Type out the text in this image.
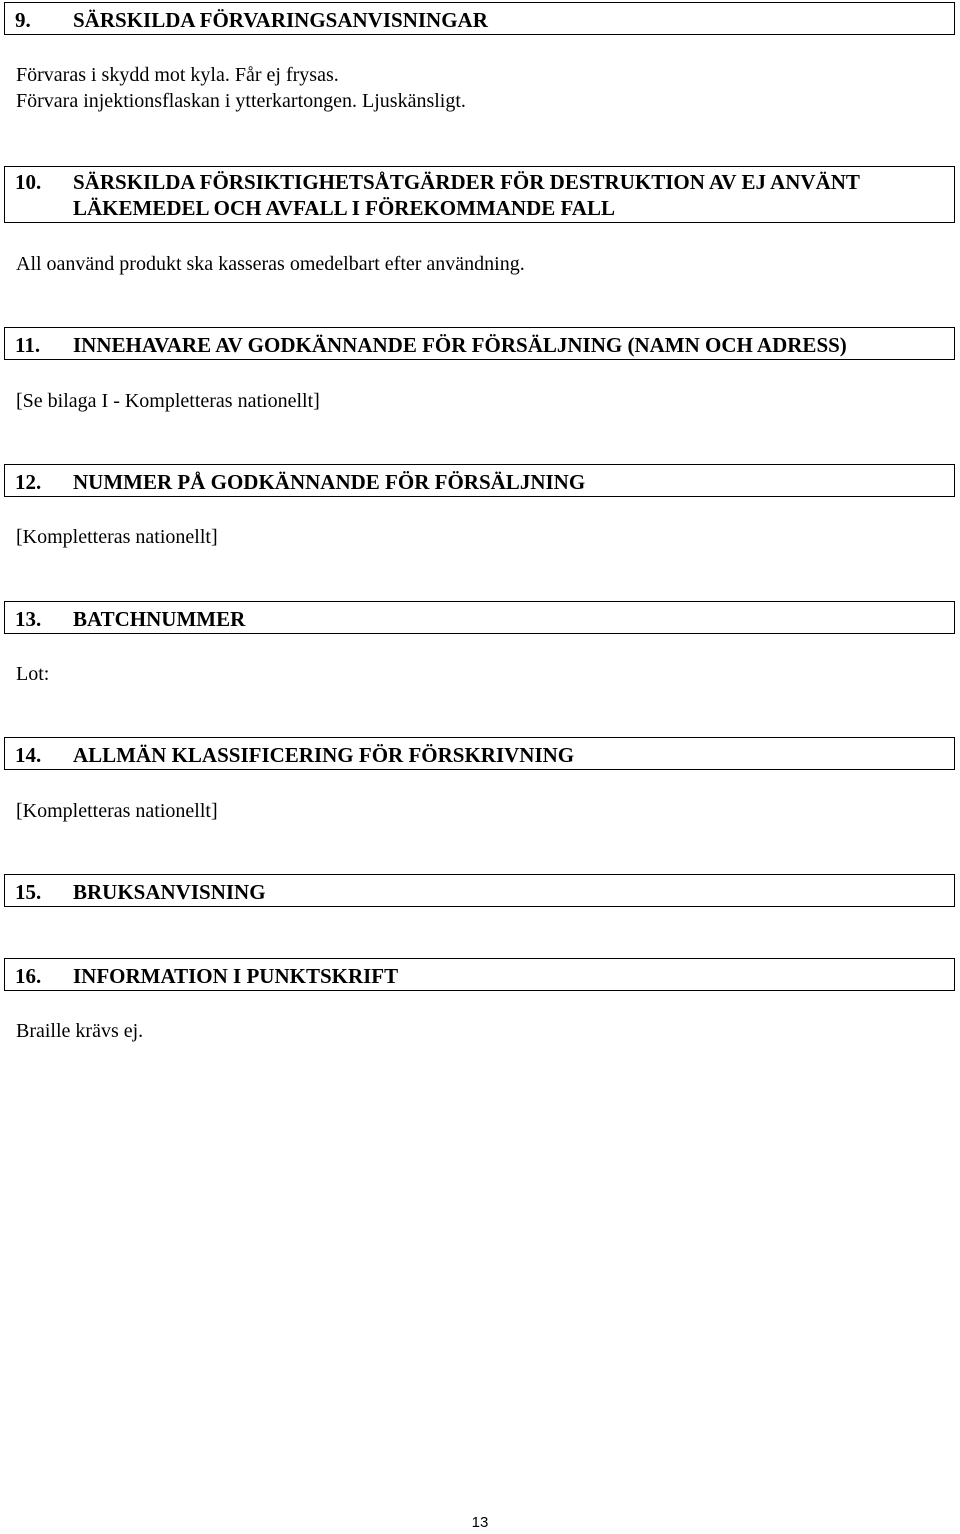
9. SÄRSKILDA FÖRVARINGSANVISNINGAR
Förvaras i skydd mot kyla. Får ej frysas.
Förvara injektionsflaskan i ytterkartongen. Ljuskänsligt.
10. SÄRSKILDA FÖRSIKTIGHETSÅTGÄRDER FÖR DESTRUKTION AV EJ ANVÄNT LÄKEMEDEL OCH AVFALL I FÖREKOMMANDE FALL
All oanvänd produkt ska kasseras omedelbart efter användning.
11. INNEHAVARE AV GODKÄNNANDE FÖR FÖRSÄLJNING (NAMN OCH ADRESS)
[Se bilaga I - Kompletteras nationellt]
12. NUMMER PÅ GODKÄNNANDE FÖR FÖRSÄLJNING
[Kompletteras nationellt]
13. BATCHNUMMER
Lot:
14. ALLMÄN KLASSIFICERING FÖR FÖRSKRIVNING
[Kompletteras nationellt]
15. BRUKSANVISNING
16. INFORMATION I PUNKTSKRIFT
Braille krävs ej.
13
